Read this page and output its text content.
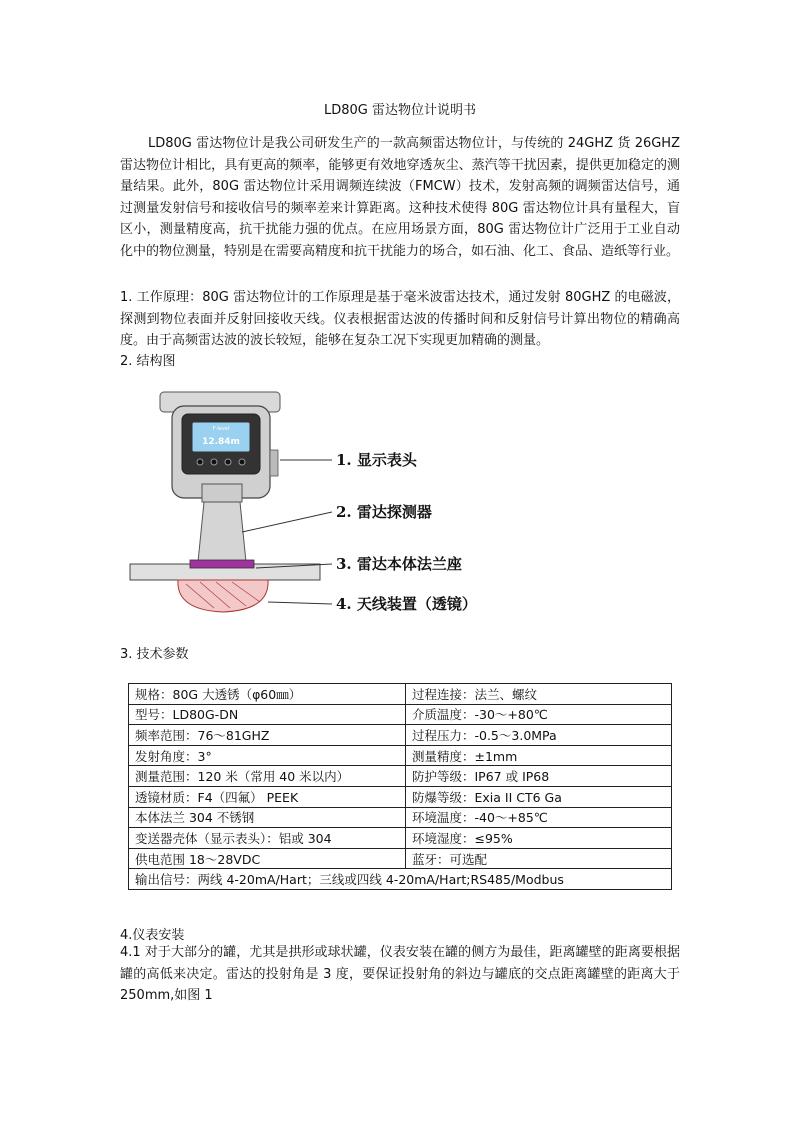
LD80G 雷达物位计说明书
LD80G 雷达物位计是我公司研发生产的一款高频雷达物位计，与传统的 24GHZ 货 26GHZ 雷达物位计相比，具有更高的频率，能够更有效地穿透灰尘、蒸汽等干扰因素，提供更加稳定的测量结果。此外，80G 雷达物位计采用调频连续波（FMCW）技术，发射高频的调频雷达信号，通过测量发射信号和接收信号的频率差来计算距离。这种技术使得 80G 雷达物位计具有量程大，盲区小，测量精度高，抗干扰能力强的优点。在应用场景方面，80G 雷达物位计广泛用于工业自动化中的物位测量，特别是在需要高精度和抗干扰能力的场合，如石油、化工、食品、造纸等行业。
1. 工作原理：80G 雷达物位计的工作原理是基于毫米波雷达技术，通过发射 80GHZ 的电磁波，探测到物位表面并反射回接收天线。仪表根据雷达波的传播时间和反射信号计算出物位的精确高度。由于高频雷达波的波长较短，能够在复杂工况下实现更加精确的测量。
2. 结构图
F-level
12.84m
1. 显示表头
2. 雷达探测器
3. 雷达本体法兰座
4. 天线装置（透镜）
3. 技术参数
规格：80G 大透锈（φ60㎜）	过程连接：法兰、螺纹
型号：LD80G-DN	介质温度：-30～+80℃
频率范围：76～81GHZ	过程压力：-0.5～3.0MPa
发射角度：3°	测量精度：±1mm
测量范围：120 米（常用 40 米以内）	防护等级：IP67 或 IP68
透镜材质：F4（四氟） PEEK	防爆等级：Exia II CT6 Ga
本体法兰 304 不锈钢	环境温度：-40～+85℃
变送器壳体（显示表头）：铝或 304	环境湿度：≤95%
供电范围 18～28VDC	蓝牙：可选配
输出信号：两线 4-20mA/Hart；三线或四线 4-20mA/Hart;RS485/Modbus	
4.仪表安装
4.1 对于大部分的罐，尤其是拱形或球状罐，仪表安装在罐的侧方为最佳，距离罐壁的距离要根据罐的高低来决定。雷达的投射角是 3 度，要保证投射角的斜边与罐底的交点距离罐壁的距离大于 250mm,如图 1
